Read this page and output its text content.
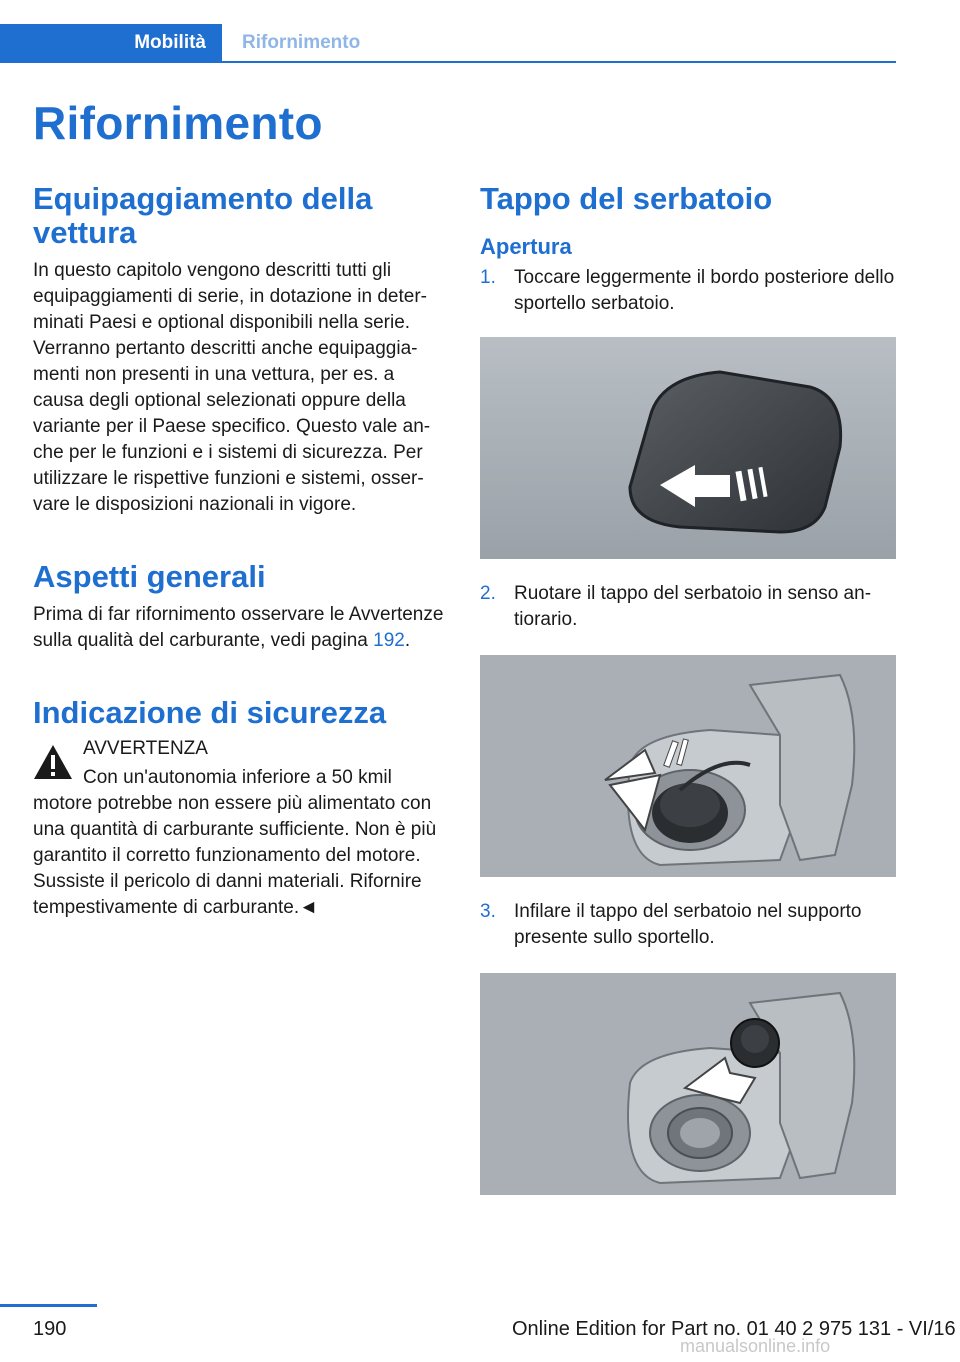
Mobilità	Rifornimento
Rifornimento
Equipaggiamento della vettura

In questo capitolo vengono descritti tutti gli equipaggiamenti di serie, in dotazione in determinati Paesi e optional disponibili nella serie. Verranno pertanto descritti anche equipaggiamenti non presenti in una vettura, per es. a causa degli optional selezionati oppure della variante per il Paese specifico. Questo vale anche per le funzioni e i sistemi di sicurezza. Per utilizzare le rispettive funzioni e sistemi, osservare le disposizioni nazionali in vigore.

Aspetti generali

Prima di far rifornimento osservare le Avvertenze sulla qualità del carburante, vedi pagina 192.

Indicazione di sicurezza

AVVERTENZA

Con un'autonomia inferiore a 50 kmil

motore potrebbe non essere più alimentato con una quantità di carburante sufficiente. Non è più garantito il corretto funzionamento del motore. Sussiste il pericolo di danni materiali. Rifornire tempestivamente di carburante.◄

Tappo del serbatoio
Apertura
1. Toccare leggermente il bordo posteriore dello sportello serbatoio.
2. Ruotare il tappo del serbatoio in senso antiorario.
3. Infilare il tappo del serbatoio nel supporto presente sullo sportello.
190	Online Edition for Part no. 01 40 2 975 131 - VI/16
manualsonline.info
